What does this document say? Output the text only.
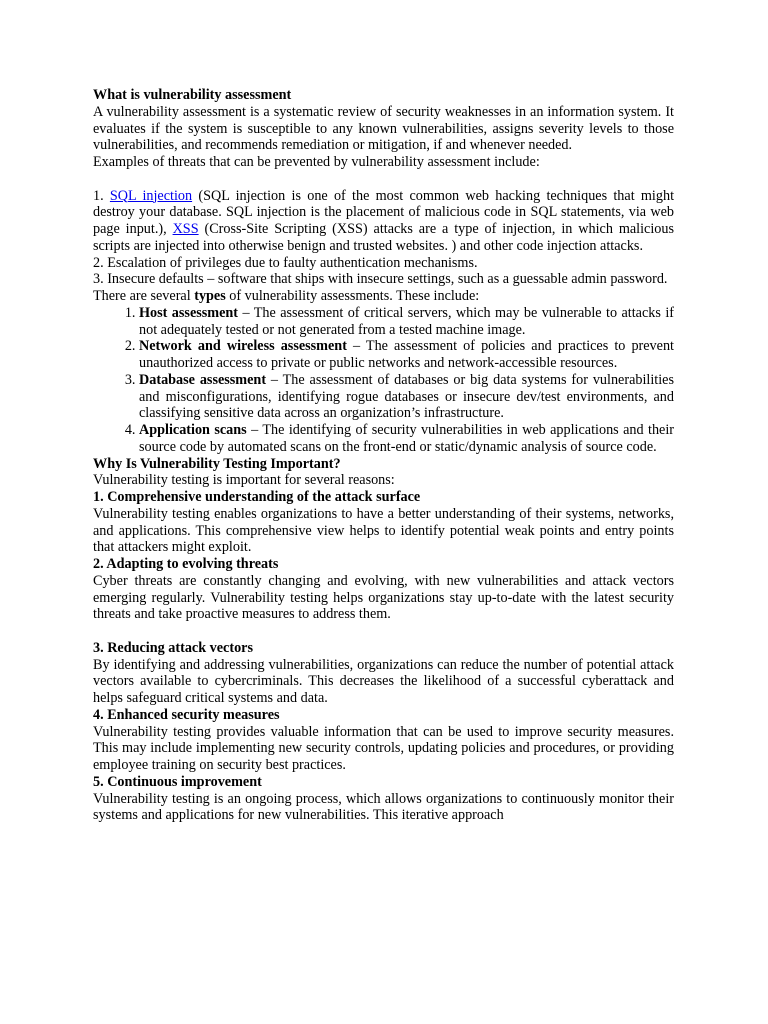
What is vulnerability assessment

A vulnerability assessment is a systematic review of security weaknesses in an information system. It evaluates if the system is susceptible to any known vulnerabilities, assigns severity levels to those vulnerabilities, and recommends remediation or mitigation, if and whenever needed.

Examples of threats that can be prevented by vulnerability assessment include:

1. SQL injection (SQL injection is one of the most common web hacking techniques that might destroy your database. SQL injection is the placement of malicious code in SQL statements, via web page input.), XSS (Cross-Site Scripting (XSS) attacks are a type of injection, in which malicious scripts are injected into otherwise benign and trusted websites. ) and other code injection attacks.

2. Escalation of privileges due to faulty authentication mechanisms.

3. Insecure defaults – software that ships with insecure settings, such as a guessable admin password.

There are several types of vulnerability assessments. These include:

1. Host assessment – The assessment of critical servers, which may be vulnerable to attacks if not adequately tested or not generated from a tested machine image.
2. Network and wireless assessment – The assessment of policies and practices to prevent unauthorized access to private or public networks and network-accessible resources.
3. Database assessment – The assessment of databases or big data systems for vulnerabilities and misconfigurations, identifying rogue databases or insecure dev/test environments, and classifying sensitive data across an organization’s infrastructure.
4. Application scans – The identifying of security vulnerabilities in web applications and their source code by automated scans on the front-end or static/dynamic analysis of source code.

Why Is Vulnerability Testing Important?

Vulnerability testing is important for several reasons:

1. Comprehensive understanding of the attack surface

Vulnerability testing enables organizations to have a better understanding of their systems, networks, and applications. This comprehensive view helps to identify potential weak points and entry points that attackers might exploit.

2. Adapting to evolving threats

Cyber threats are constantly changing and evolving, with new vulnerabilities and attack vectors emerging regularly. Vulnerability testing helps organizations stay up-to-date with the latest security threats and take proactive measures to address them.

3. Reducing attack vectors

By identifying and addressing vulnerabilities, organizations can reduce the number of potential attack vectors available to cybercriminals. This decreases the likelihood of a successful cyberattack and helps safeguard critical systems and data.

4. Enhanced security measures

Vulnerability testing provides valuable information that can be used to improve security measures. This may include implementing new security controls, updating policies and procedures, or providing employee training on security best practices.

5. Continuous improvement

Vulnerability testing is an ongoing process, which allows organizations to continuously monitor their systems and applications for new vulnerabilities. This iterative approach
